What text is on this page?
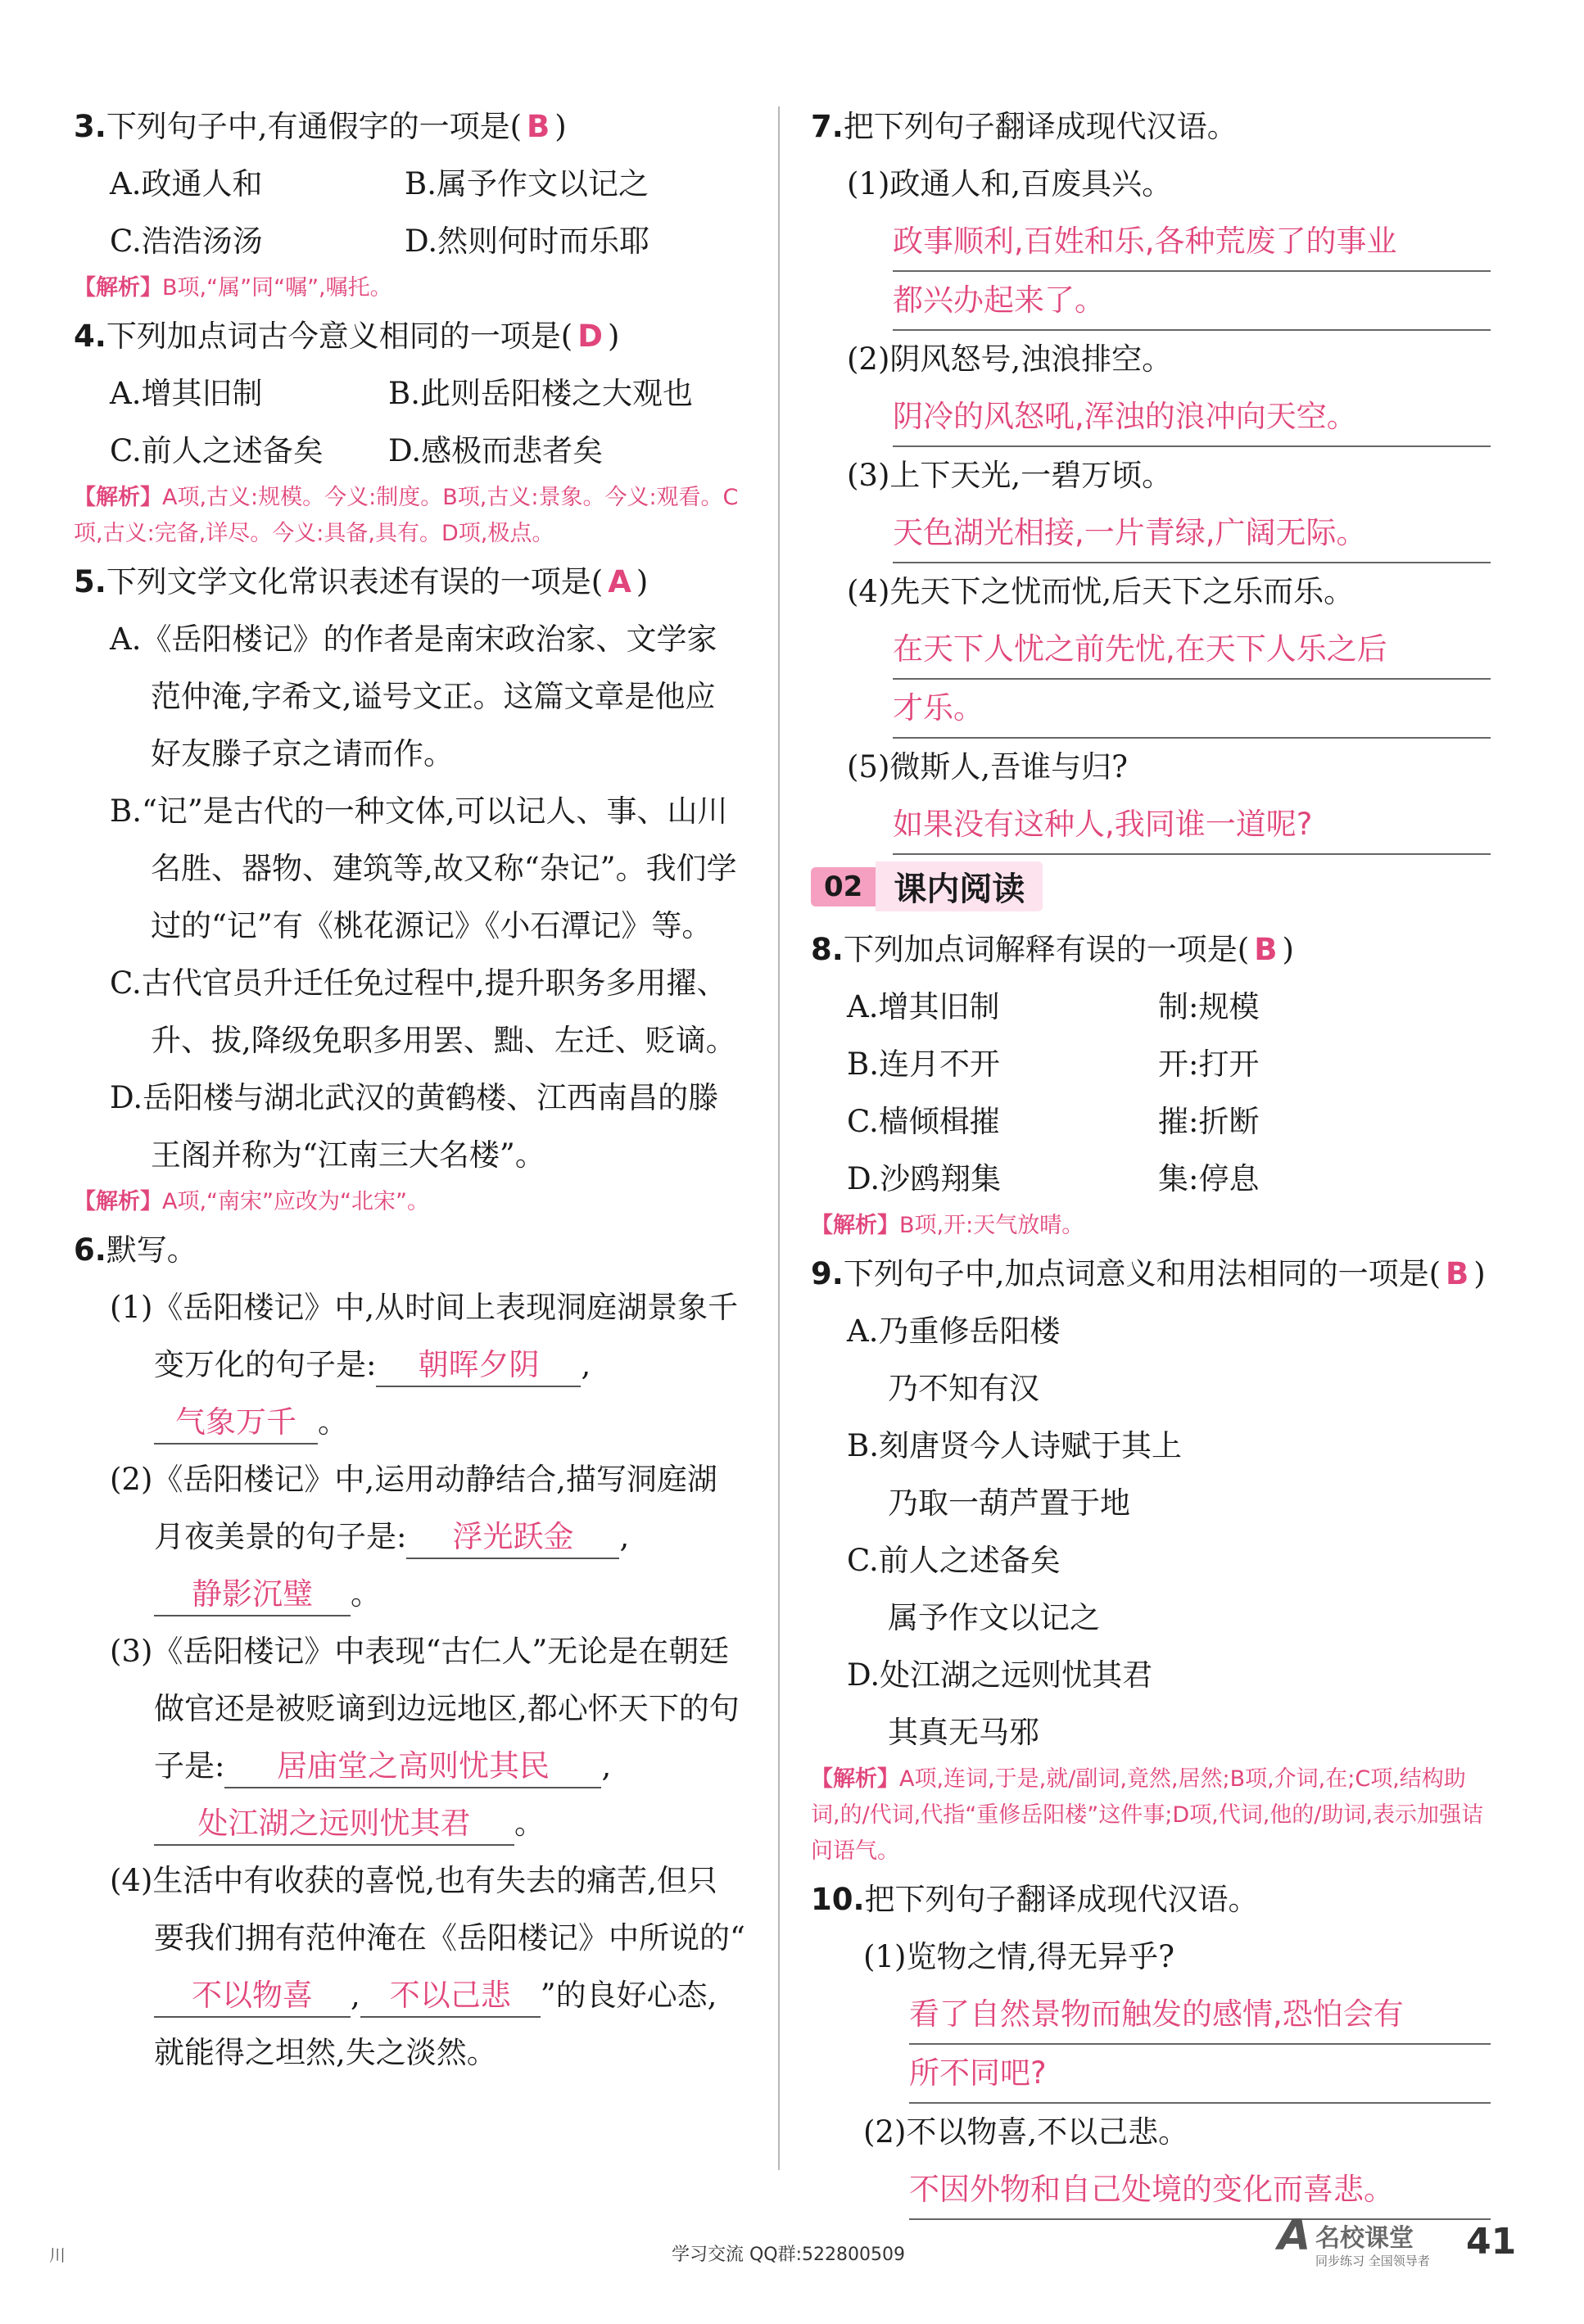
3.下列句子中,有通假字的一项是( B )

A.政通人和	B.属予作文以记之
C.浩浩汤汤	D.然则何时而乐耶

【解析】B项,“属”同“嘱”,嘱托。

4.下列加点词古今意义相同的一项是( D )

A.增其旧制	B.此则岳阳楼之大观也
C.前人之述备矣	D.感极而悲者矣

【解析】A项,古义:规模。今义:制度。B项,古义:景象。今义:观看。C项,古义:完备,详尽。今义:具备,具有。D项,极点。

5.下列文学文化常识表述有误的一项是( A )

A.《岳阳楼记》的作者是南宋政治家、文学家范仲淹,字希文,谥号文正。这篇文章是他应好友滕子京之请而作。
B.“记”是古代的一种文体,可以记人、事、山川名胜、器物、建筑等,故又称“杂记”。我们学过的“记”有《桃花源记》《小石潭记》等。
C.古代官员升迁任免过程中,提升职务多用擢、升、拔,降级免职多用罢、黜、左迁、贬谪。
D.岳阳楼与湖北武汉的黄鹤楼、江西南昌的滕王阁并称为“江南三大名楼”。

【解析】A项,“南宋”应改为“北宋”。

6.默写。

(1)《岳阳楼记》中,从时间上表现洞庭湖景象千变万化的句子是: 朝晖夕阴 ,气象万千 。
(2)《岳阳楼记》中,运用动静结合,描写洞庭湖月夜美景的句子是: 浮光跃金 ,静影沉璧 。
(3)《岳阳楼记》中表现“古仁人”无论是在朝廷做官还是被贬谪到边远地区,都心怀天下的句子是: 居庙堂之高则忧其民 ,处江湖之远则忧其君 。
(4)生活中有收获的喜悦,也有失去的痛苦,但只要我们拥有范仲淹在《岳阳楼记》中所说的“不以物喜 , 不以己悲 ”的良好心态,就能得之坦然,失之淡然。

7.把下列句子翻译成现代汉语。

(1)政通人和,百废具兴。
政事顺利,百姓和乐,各种荒废了的事业
都兴办起来了。
(2)阴风怒号,浊浪排空。
阴冷的风怒吼,浑浊的浪冲向天空。
(3)上下天光,一碧万顷。
天色湖光相接,一片青绿,广阔无际。
(4)先天下之忧而忧,后天下之乐而乐。
在天下人忧之前先忧,在天下人乐之后
才乐。
(5)微斯人,吾谁与归?
如果没有这种人,我同谁一道呢?
02 课内阅读

8.下列加点词解释有误的一项是( B )

A.增其旧制	制:规模
B.连月不开	开:打开
C.樯倾楫摧	摧:折断
D.沙鸥翔集	集:停息

【解析】B项,开:天气放晴。

9.下列句子中,加点词意义和用法相同的一项是( B )

A.乃重修岳阳楼
乃不知有汉
B.刻唐贤今人诗赋于其上
乃取一葫芦置于地
C.前人之述备矣
属予作文以记之
D.处江湖之远则忧其君
其真无马邪

【解析】A项,连词,于是,就/副词,竟然,居然;B项,介词,在;C项,结构助词,的/代词,代指“重修岳阳楼”这件事;D项,代词,他的/助词,表示加强诘问语气。

10.把下列句子翻译成现代汉语。

(1)览物之情,得无异乎?
看了自然景物而触发的感情,恐怕会有
所不同吧?
(2)不以物喜,不以己悲。
不因外物和自己处境的变化而喜悲。
川	学习交流 QQ群:522800509	A 名校课堂
同步练习 全国领导者 41
